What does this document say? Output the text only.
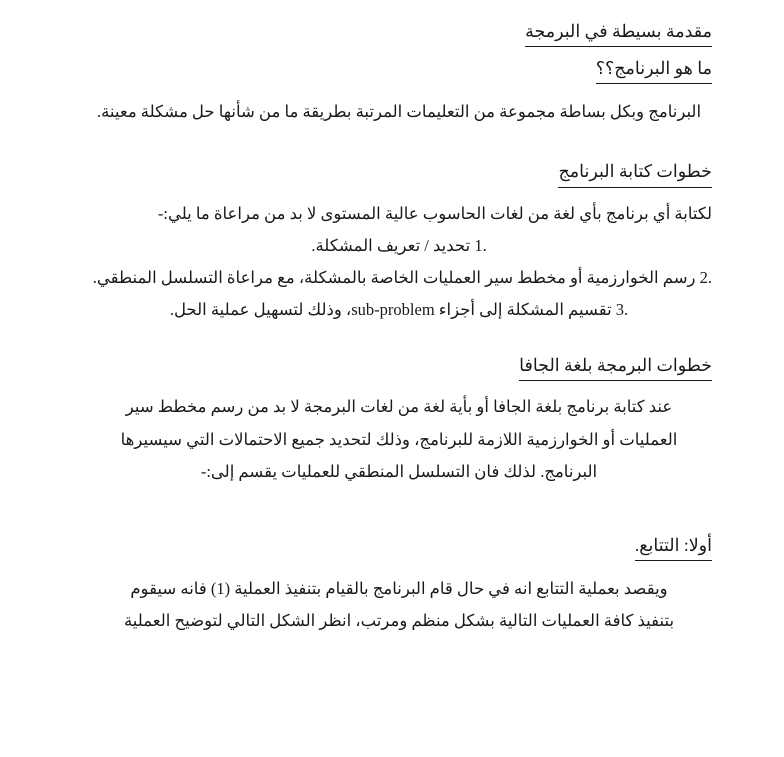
مقدمة بسيطة في البرمجة

ما هو البرنامج؟؟

البرنامج وبكل بساطة مجموعة من التعليمات المرتبة بطريقة ما من شأنها حل مشكلة معينة.

خطوات كتابة البرنامج

لكتابة أي برنامج بأي لغة من لغات الحاسوب عالية المستوى لا بد من مراعاة ما يلي:-

1. تحديد / تعريف المشكلة.
2. رسم الخوارزمية أو مخطط سير العمليات الخاصة بالمشكلة، مع مراعاة التسلسل المنطقي.
3. تقسيم المشكلة إلى أجزاء sub-problem، وذلك لتسهيل عملية الحل.

خطوات البرمجة بلغة الجافا

عند كتابة برنامج بلغة الجافا أو بأية لغة من لغات البرمجة لا بد من رسم مخطط سير

العمليات أو الخوارزمية اللازمة للبرنامج، وذلك لتحديد جميع الاحتمالات التي سيسيرها

البرنامج. لذلك فان التسلسل المنطقي للعمليات يقسم إلى:-

أولا: التتابع.

ويقصد بعملية التتابع انه في حال قام البرنامج بالقيام بتنفيذ العملية (1) فانه سيقوم

بتنفيذ كافة العمليات التالية بشكل منظم ومرتب، انظر الشكل التالي لتوضيح العملية
